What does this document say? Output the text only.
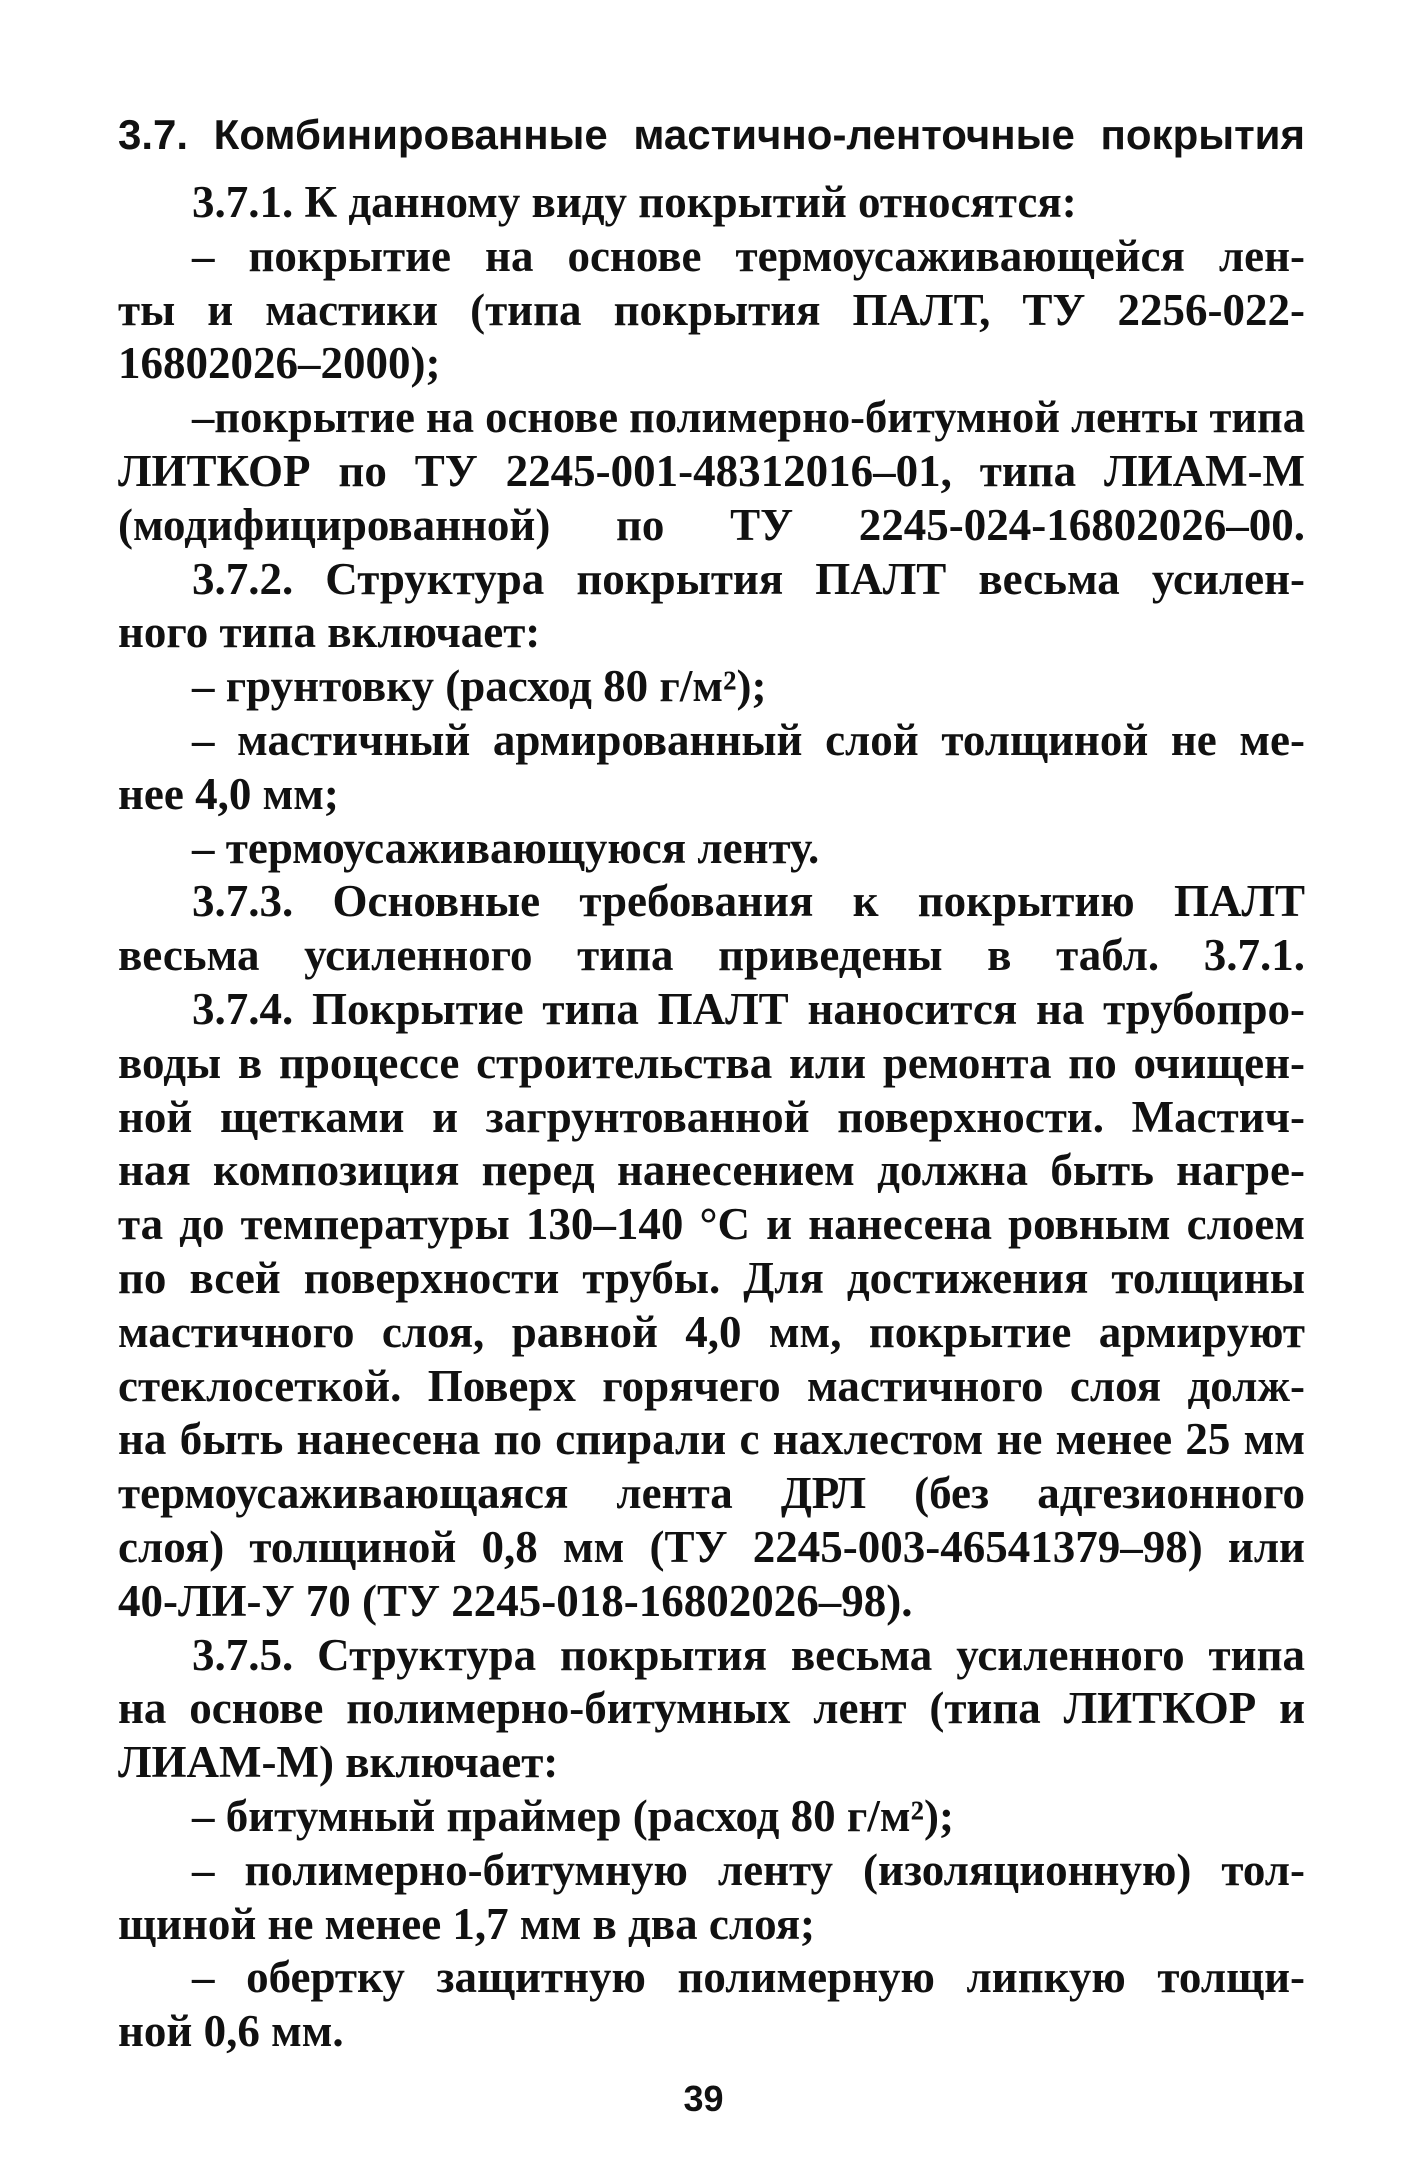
3.7. Комбинированные мастично-ленточные покрытия
3.7.1. К данному виду покрытий относятся:
– покрытие на основе термоусаживающейся лен-
ты и мастики (типа покрытия ПАЛТ, ТУ 2256-022-
16802026–2000);
–покрытие на основе полимерно-битумной ленты типа
ЛИТКОР по ТУ 2245-001-48312016–01, типа ЛИАМ-М
(модифицированной) по ТУ 2245-024-16802026–00.
3.7.2. Структура покрытия ПАЛТ весьма усилен-
ного типа включает:
– грунтовку (расход 80 г/м²);
– мастичный армированный слой толщиной не ме-
нее 4,0 мм;
– термоусаживающуюся ленту.
3.7.3. Основные требования к покрытию ПАЛТ
весьма усиленного типа приведены в табл. 3.7.1.
3.7.4. Покрытие типа ПАЛТ наносится на трубопро-
воды в процессе строительства или ремонта по очищен-
ной щетками и загрунтованной поверхности. Мастич-
ная композиция перед нанесением должна быть нагре-
та до температуры 130–140 °С и нанесена ровным слоем
по всей поверхности трубы. Для достижения толщины
мастичного слоя, равной 4,0 мм, покрытие армируют
стеклосеткой. Поверх горячего мастичного слоя долж-
на быть нанесена по спирали с нахлестом не менее 25 мм
термоусаживающаяся лента ДРЛ (без адгезионного
слоя) толщиной 0,8 мм (ТУ 2245-003-46541379–98) или
40-ЛИ-У 70 (ТУ 2245-018-16802026–98).
3.7.5. Структура покрытия весьма усиленного типа
на основе полимерно-битумных лент (типа ЛИТКОР и
ЛИАМ-М) включает:
– битумный праймер (расход 80 г/м²);
– полимерно-битумную ленту (изоляционную) тол-
щиной не менее 1,7 мм в два слоя;
– обертку защитную полимерную липкую толщи-
ной 0,6 мм.
39
